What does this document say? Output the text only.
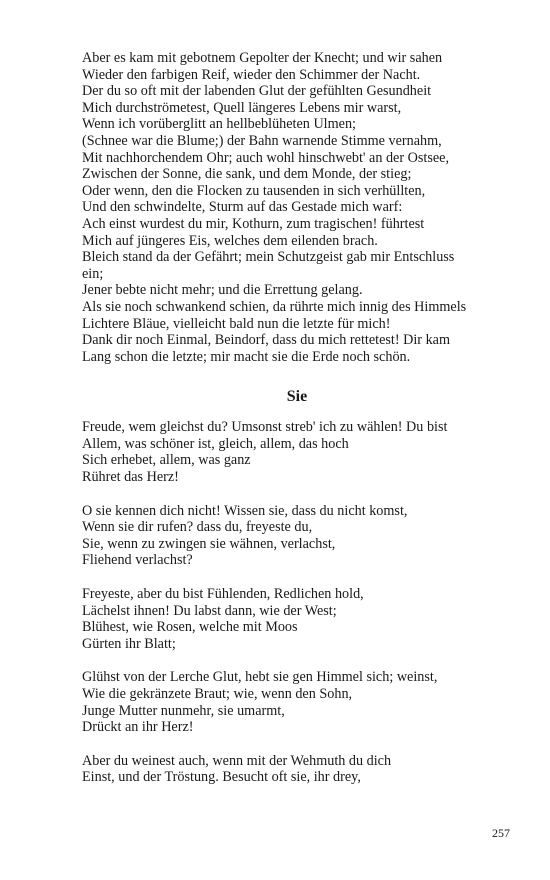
Aber es kam mit gebotnem Gepolter der Knecht; und wir sahen
Wieder den farbigen Reif, wieder den Schimmer der Nacht.
Der du so oft mit der labenden Glut der gefühlten Gesundheit
Mich durchströmetest, Quell längeres Lebens mir warst,
Wenn ich vorüberglitt an hellbeblüheten Ulmen;
(Schnee war die Blume;) der Bahn warnende Stimme vernahm,
Mit nachhorchendem Ohr; auch wohl hinschwebt' an der Ostsee,
Zwischen der Sonne, die sank, und dem Monde, der stieg;
Oder wenn, den die Flocken zu tausenden in sich verhüllten,
Und den schwindelte, Sturm auf das Gestade mich warf:
Ach einst wurdest du mir, Kothurn, zum tragischen! führtest
Mich auf jüngeres Eis, welches dem eilenden brach.
Bleich stand da der Gefährt; mein Schutzgeist gab mir Entschluss
ein;
Jener bebte nicht mehr; und die Errettung gelang.
Als sie noch schwankend schien, da rührte mich innig des Himmels
Lichtere Bläue, vielleicht bald nun die letzte für mich!
Dank dir noch Einmal, Beindorf, dass du mich rettetest! Dir kam
Lang schon die letzte; mir macht sie die Erde noch schön.
Sie
Freude, wem gleichst du? Umsonst streb' ich zu wählen! Du bist
Allem, was schöner ist, gleich, allem, das hoch
Sich erhebet, allem, was ganz
Rühret das Herz!
O sie kennen dich nicht! Wissen sie, dass du nicht komst,
Wenn sie dir rufen? dass du, freyeste du,
Sie, wenn zu zwingen sie wähnen, verlachst,
Fliehend verlachst?
Freyeste, aber du bist Fühlenden, Redlichen hold,
Lächelst ihnen! Du labst dann, wie der West;
Blühest, wie Rosen, welche mit Moos
Gürten ihr Blatt;
Glühst von der Lerche Glut, hebt sie gen Himmel sich; weinst,
Wie die gekränzete Braut; wie, wenn den Sohn,
Junge Mutter nunmehr, sie umarmt,
Drückt an ihr Herz!
Aber du weinest auch, wenn mit der Wehmuth du dich
Einst, und der Tröstung. Besucht oft sie, ihr drey,
257
